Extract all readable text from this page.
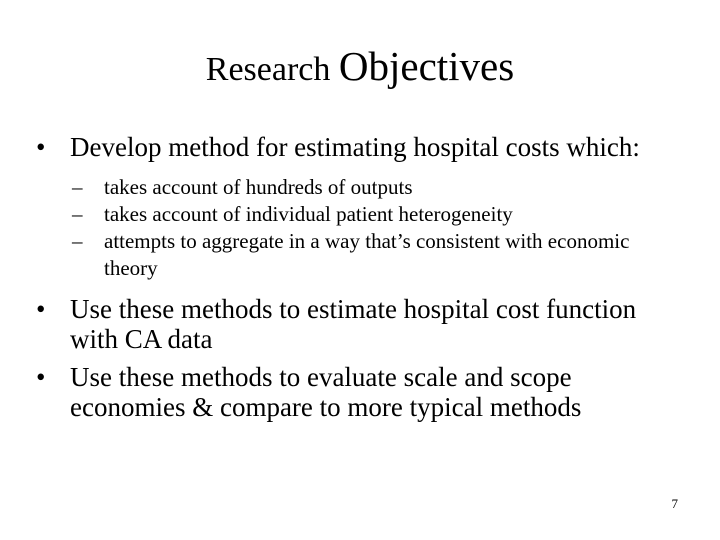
Research Objectives
• Develop method for estimating hospital costs which:
– takes account of hundreds of outputs
– takes account of individual patient heterogeneity
– attempts to aggregate in a way that’s consistent with economic theory
• Use these methods to estimate hospital cost function with CA data
• Use these methods to evaluate scale and scope economies & compare to more typical methods
7
